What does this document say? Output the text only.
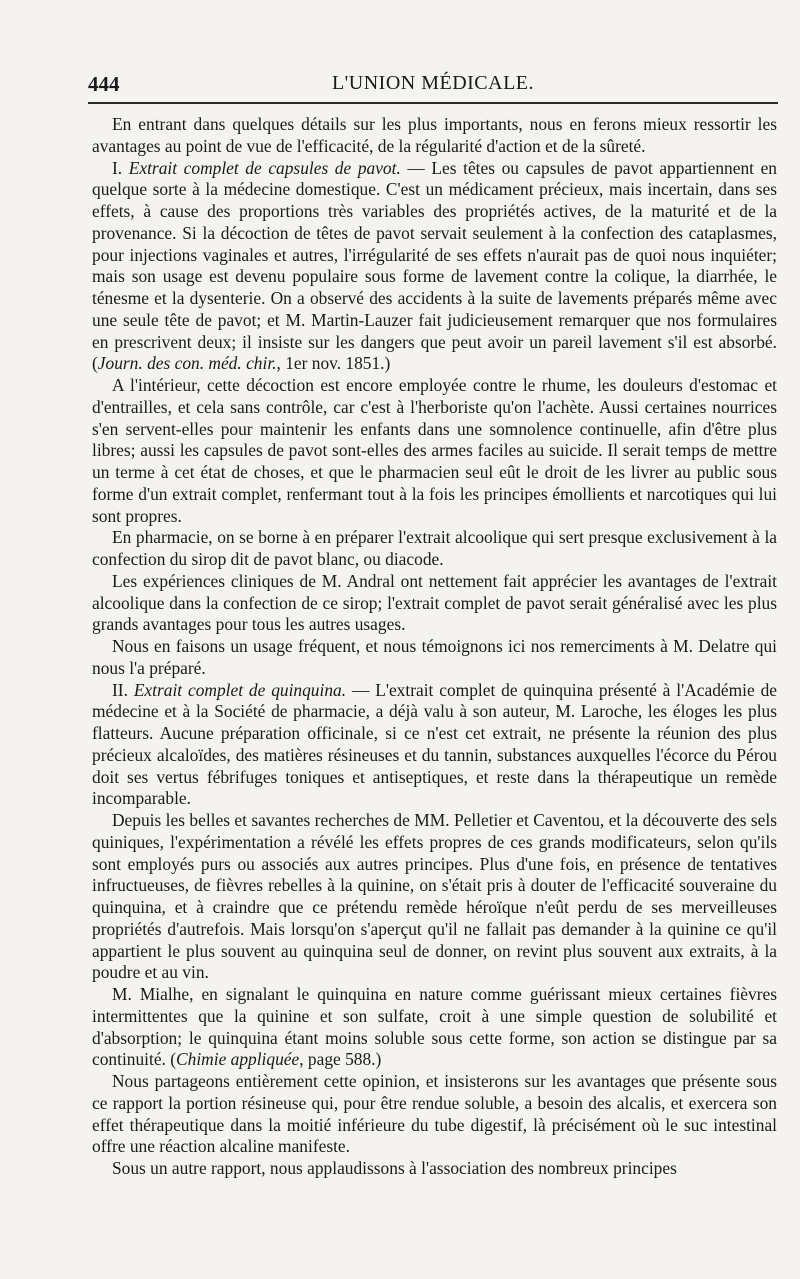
444	L'UNION MÉDICALE.

En entrant dans quelques détails sur les plus importants, nous en ferons mieux ressortir les avantages au point de vue de l'efficacité, de la régularité d'action et de la sûreté.

I. Extrait complet de capsules de pavot. — Les têtes ou capsules de pavot appartiennent en quelque sorte à la médecine domestique. C'est un médicament précieux, mais incertain, dans ses effets, à cause des proportions très variables des propriétés actives, de la maturité et de la provenance. Si la décoction de têtes de pavot servait seulement à la confection des cataplasmes, pour injections vaginales et autres, l'irrégularité de ses effets n'aurait pas de quoi nous inquiéter; mais son usage est devenu populaire sous forme de lavement contre la colique, la diarrhée, le ténesme et la dysenterie. On a observé des accidents à la suite de lavements préparés même avec une seule tête de pavot; et M. Martin-Lauzer fait judicieusement remarquer que nos formulaires en prescrivent deux; il insiste sur les dangers que peut avoir un pareil lavement s'il est absorbé. (Journ. des con. méd. chir., 1er nov. 1851.)

A l'intérieur, cette décoction est encore employée contre le rhume, les douleurs d'estomac et d'entrailles, et cela sans contrôle, car c'est à l'herboriste qu'on l'achète. Aussi certaines nourrices s'en servent-elles pour maintenir les enfants dans une somnolence continuelle, afin d'être plus libres; aussi les capsules de pavot sont-elles des armes faciles au suicide. Il serait temps de mettre un terme à cet état de choses, et que le pharmacien seul eût le droit de les livrer au public sous forme d'un extrait complet, renfermant tout à la fois les principes émollients et narcotiques qui lui sont propres.

En pharmacie, on se borne à en préparer l'extrait alcoolique qui sert presque exclusivement à la confection du sirop dit de pavot blanc, ou diacode.

Les expériences cliniques de M. Andral ont nettement fait apprécier les avantages de l'extrait alcoolique dans la confection de ce sirop; l'extrait complet de pavot serait généralisé avec les plus grands avantages pour tous les autres usages.

Nous en faisons un usage fréquent, et nous témoignons ici nos remerciments à M. Delatre qui nous l'a préparé.

II. Extrait complet de quinquina. — L'extrait complet de quinquina présenté à l'Académie de médecine et à la Société de pharmacie, a déjà valu à son auteur, M. Laroche, les éloges les plus flatteurs. Aucune préparation officinale, si ce n'est cet extrait, ne présente la réunion des plus précieux alcaloïdes, des matières résineuses et du tannin, substances auxquelles l'écorce du Pérou doit ses vertus fébrifuges toniques et antiseptiques, et reste dans la thérapeutique un remède incomparable.

Depuis les belles et savantes recherches de MM. Pelletier et Caventou, et la découverte des sels quiniques, l'expérimentation a révélé les effets propres de ces grands modificateurs, selon qu'ils sont employés purs ou associés aux autres principes. Plus d'une fois, en présence de tentatives infructueuses, de fièvres rebelles à la quinine, on s'était pris à douter de l'efficacité souveraine du quinquina, et à craindre que ce prétendu remède héroïque n'eût perdu de ses merveilleuses propriétés d'autrefois. Mais lorsqu'on s'aperçut qu'il ne fallait pas demander à la quinine ce qu'il appartient le plus souvent au quinquina seul de donner, on revint plus souvent aux extraits, à la poudre et au vin.

M. Mialhe, en signalant le quinquina en nature comme guérissant mieux certaines fièvres intermittentes que la quinine et son sulfate, croit à une simple question de solubilité et d'absorption; le quinquina étant moins soluble sous cette forme, son action se distingue par sa continuité. (Chimie appliquée, page 588.)

Nous partageons entièrement cette opinion, et insisterons sur les avantages que présente sous ce rapport la portion résineuse qui, pour être rendue soluble, a besoin des alcalis, et exercera son effet thérapeutique dans la moitié inférieure du tube digestif, là précisément où le suc intestinal offre une réaction alcaline manifeste.

Sous un autre rapport, nous applaudissons à l'association des nombreux principes
